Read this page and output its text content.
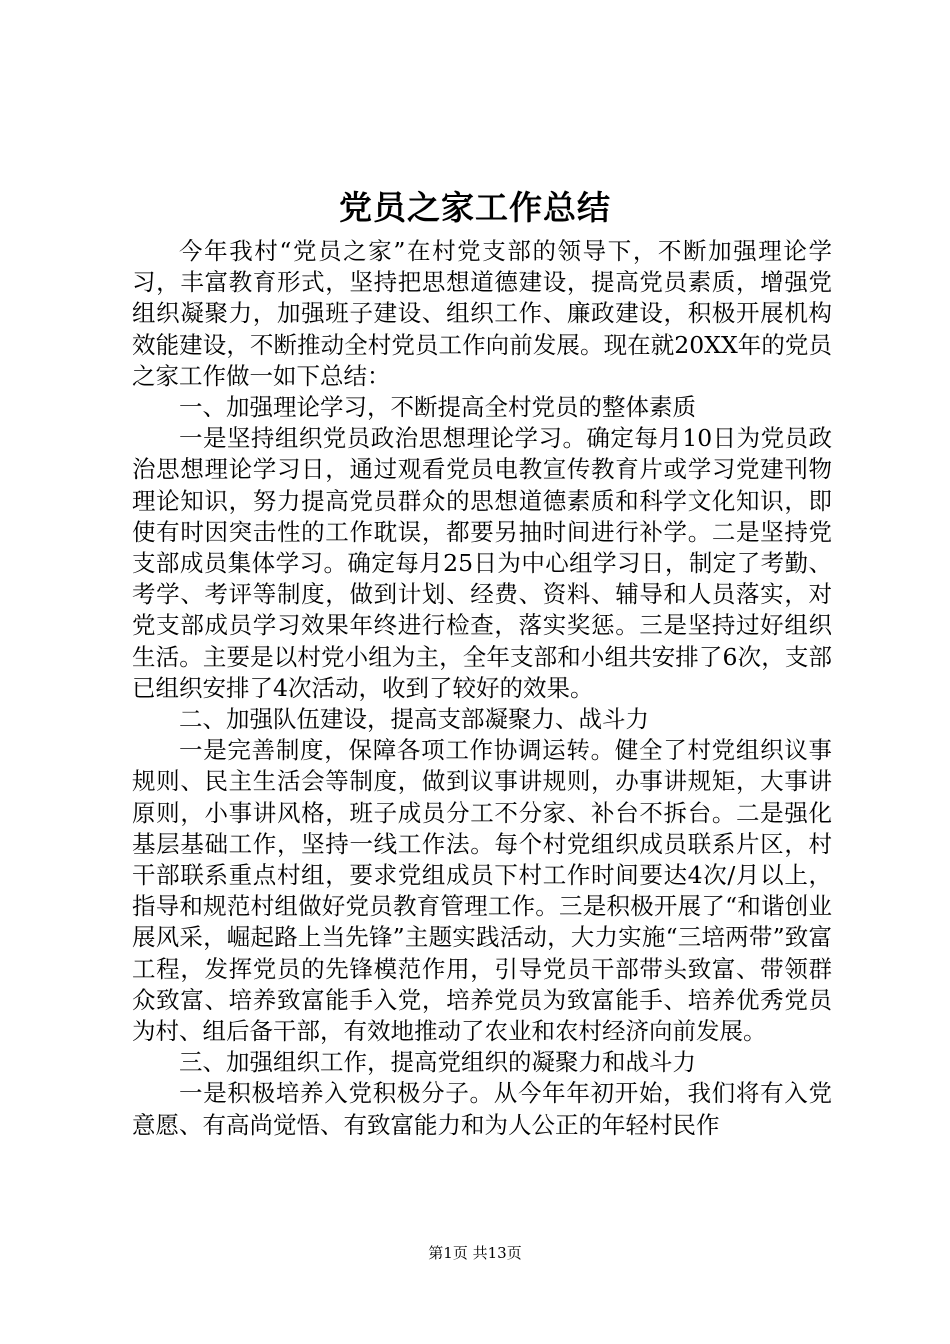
党员之家工作总结

今年我村“党员之家”在村党支部的领导下，不断加强理论学习，丰富教育形式，坚持把思想道德建设，提高党员素质，增强党组织凝聚力，加强班子建设、组织工作、廉政建设，积极开展机构效能建设，不断推动全村党员工作向前发展。现在就20XX年的党员之家工作做一如下总结：

一、加强理论学习，不断提高全村党员的整体素质

一是坚持组织党员政治思想理论学习。确定每月10日为党员政治思想理论学习日，通过观看党员电教宣传教育片或学习党建刊物理论知识，努力提高党员群众的思想道德素质和科学文化知识，即使有时因突击性的工作耽误，都要另抽时间进行补学。二是坚持党支部成员集体学习。确定每月25日为中心组学习日，制定了考勤、考学、考评等制度，做到计划、经费、资料、辅导和人员落实，对党支部成员学习效果年终进行检查，落实奖惩。三是坚持过好组织生活。主要是以村党小组为主，全年支部和小组共安排了6次，支部已组织安排了4次活动，收到了较好的效果。

二、加强队伍建设，提高支部凝聚力、战斗力

一是完善制度，保障各项工作协调运转。健全了村党组织议事规则、民主生活会等制度，做到议事讲规则，办事讲规矩，大事讲原则，小事讲风格，班子成员分工不分家、补台不拆台。二是强化基层基础工作，坚持一线工作法。每个村党组织成员联系片区，村干部联系重点村组，要求党组成员下村工作时间要达4次/月以上，指导和规范村组做好党员教育管理工作。三是积极开展了“和谐创业展风采，崛起路上当先锋”主题实践活动，大力实施“三培两带”致富工程，发挥党员的先锋模范作用，引导党员干部带头致富、带领群众致富、培养致富能手入党，培养党员为致富能手、培养优秀党员为村、组后备干部，有效地推动了农业和农村经济向前发展。

三、加强组织工作，提高党组织的凝聚力和战斗力

一是积极培养入党积极分子。从今年年初开始，我们将有入党意愿、有高尚觉悟、有致富能力和为人公正的年轻村民作

第1页 共13页
